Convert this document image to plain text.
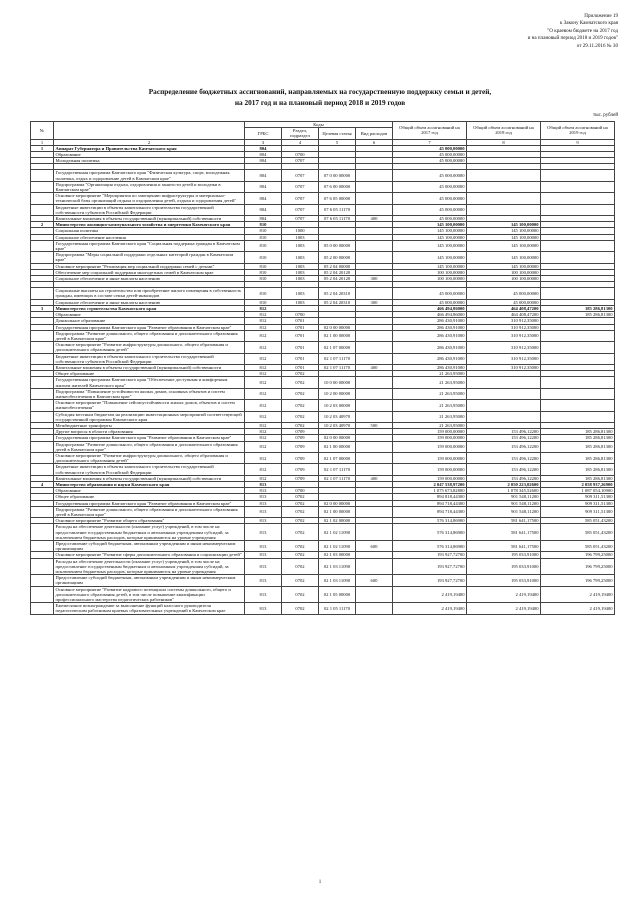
Приложение 19
к Закону Камчатского края
"О краевом бюджете на 2017 год
и на плановый период 2018 и 2019 годов"
от 29.11.2016 № 30
Распределение бюджетных ассигнований, направляемых на государственную поддержку семьи и детей,
на 2017 год и на плановый период 2018 и 2019 годов
тыс. рублей
№		Коды				Общий объем ассигнований на 2017 год	Общий объем ассигнований на 2018 год	Общий объем ассигнований на 2019 год
		ГРБС	Раздел, подраздел	Целевая статья	Вид расходов			
1	2	3	4	5	6	7	8	9
1	Аппарат Губернатора и Правительства Камчатского края	804				45 000,00000		
	Образование	804	0700			45 000,00000		
	Молодежная политика	804	0707			45 000,00000		

	Государственная программа Камчатского края "Физическая культура, спорт, молодежная политика, отдых и оздоровление детей в Камчатском крае"	804	0707	07 0 00 00000		45 000,00000		
	Подпрограмма "Организация отдыха, оздоровления и занятости детей и молодежи в Камчатском крае"	804	0707	07 6 00 00000		45 000,00000		
	Основное мероприятие "Мероприятия по замещению инфраструктуры и материально-технической базы организаций отдыха и оздоровления детей, отдыха и оздоровления детей"	804	0707	07 6 05 00000		45 000,00000		
	Бюджетные инвестиции в объекты капитального строительства государственной собственности субъектов Российской Федерации	804	0707	07 6 05 11170		45 000,00000		
	Капитальные вложения в объекты государственной (муниципальной) собственности	804	0707	07 6 05 11170	400	45 000,00000		
2	Министерство жилищно-коммунального хозяйства и энергетики Камчатского края	810				145 100,00000	145 100,00000	
	Социальная политика	810	1000			145 100,00000	145 100,00000	
	Социальное обеспечение населения	810	1003			145 100,00000	145 100,00000	
	Государственная программа Камчатского края "Социальная поддержка граждан в Камчатском крае"	810	1003	05 0 00 00000		145 100,00000	145 100,00000	
	Подпрограмма "Меры социальной поддержки отдельных категорий граждан в Камчатском крае"	810	1003	05 2 00 00000		145 100,00000	145 100,00000	
	Основное мероприятие "Реализация мер социальной поддержки семей с детьми"	810	1003	05 2 04 00000		145 100,00000	145 100,00000	
	Обеспечение мер социальной поддержки многодетных семей в Камчатском крае	810	1003	05 2 04 20120		100 100,00000	100 100,00000	
	Социальное обеспечение и иные выплаты населению	810	1003	05 2 04 20120	300	100 100,00000	100 100,00000	

	Социальные выплаты на строительство или приобретение жилого помещения в собственность граждан, имеющих в составе семьи детей-инвалидов	810	1003	05 2 04 20310		45 000,00000	45 000,00000	
	Социальное обеспечение и иные выплаты населению	810	1003	05 2 04 20310	300	45 000,00000	45 000,00000	
3	Министерство строительства Камчатского края	812				466 494,86000	464 408,47200	185 286,81300
	Образование	812	0700			466 494,86000	464 408,47200	185 286,81300
	Дошкольное образование	812	0701			286 430,91000	310 912,35000	
	Государственная программа Камчатского края "Развитие образования в Камчатском крае"	812	0701	02 0 00 00000		286 430,91000	310 912,35000	
	Подпрограмма "Развитие дошкольного, общего образования и дополнительного образования детей в Камчатском крае"	812	0701	02 1 00 00000		286 430,91000	310 912,35000	
	Основное мероприятие "Развитие инфраструктуры дошкольного, общего образования и дополнительного образования детей"	812	0701	02 1 07 00000		286 430,91000	310 912,35000	
	Бюджетные инвестиции в объекты капитального строительства государственной собственности субъектов Российской Федерации	812	0701	02 1 07 11170		286 430,91000	310 912,35000	
	Капитальные вложения в объекты государственной (муниципальной) собственности	812	0701	02 1 07 11170	400	286 430,91000	310 912,35000	
	Общее образование	812	0702			21 263,95000		
	Государственная программа Камчатского края "Обеспечение доступным и комфортным жильем жителей Камчатского края"	812	0702	10 0 00 00000		21 263,95000		
	Подпрограмма "Повышение устойчивости жилых домов, основных объектов и систем жизнеобеспечения в Камчатском крае"	812	0702	10 2 00 00000		21 263,95000		
	Основное мероприятие "Повышение сейсмоустойчивости жилых домов, объектов и систем жизнеобеспечения"	812	0702	10 2 03 00000		21 263,95000		
	Субсидия местным бюджетам на реализацию инвестиционных мероприятий соответствующей государственной программы Камчатского края	812	0702	10 2 03 40970		21 263,95000		
	Межбюджетные трансферты	812	0702	10 2 03 40970	500	21 263,95000		
	Другие вопросы в области образования	812	0709			159 000,00000	153 496,12200	185 286,81300
	Государственная программа Камчатского края "Развитие образования в Камчатском крае"	812	0709	02 0 00 00000		159 000,00000	153 496,12200	185 286,81300
	Подпрограмма "Развитие дошкольного, общего образования и дополнительного образования детей в Камчатском крае"	812	0709	02 1 00 00000		159 000,00000	153 496,12200	185 286,81300
	Основное мероприятие "Развитие инфраструктуры дошкольного, общего образования и дополнительного образования детей"	812	0709	02 1 07 00000		159 000,00000	153 496,12200	185 286,81300
	Бюджетные инвестиции в объекты капитального строительства государственной собственности субъектов Российской Федерации	812	0709	02 1 07 11170		159 000,00000	153 496,12200	185 286,81300
	Капитальные вложения в объекты государственной (муниципальной) собственности	812	0709	02 1 07 11170	400	159 000,00000	153 496,12200	185 286,81300
4	Министерство образования и науки Камчатского края	813				2 047 538,97200	2 050 223,02600	2 058 937,26900
	Образование	813	0700			1 075 673,82800	1 078 345,52600	1 087 054,10900
	Общее образование	813	0702			894 818,44300	901 548,11200	909 311,51300
	Государственная программа Камчатского края "Развитие образования в Камчатском крае"	813	0702	02 0 00 00000		894 718,44300	901 548,11200	909 311,51300
	Подпрограмма "Развитие дошкольного, общего образования и дополнительного образования детей в Камчатском крае"	813	0702	02 1 00 00000		894 718,44300	901 548,11200	909 311,51300
	Основное мероприятие "Развитие общего образования"	813	0702	02 1 02 00000		576 314,86900	581 641,17500	585 051,43200
	Расходы на обеспечение деятельности (оказание услуг) учреждений, в том числе на предоставление государственным бюджетным и автономным учреждениям субсидий, за исключением бюджетных расходов, которые принимаются на уровне учреждения	813	0702	02 1 02 11090		576 314,86900	581 641,17500	585 051,43200
	Предоставление субсидий бюджетным, автономным учреждениям и иным некоммерческим организациям	813	0702	02 1 02 11090	600	576 314,86900	581 641,17500	585 051,43200
	Основное мероприятие "Развитие сферы дополнительного образования и социализации детей"	813	0702	02 1 03 00000		193 927,72700	195 033,91000	196 799,25000
	Расходы на обеспечение деятельности (оказание услуг) учреждений, в том числе на предоставление государственным бюджетным и автономным учреждениям субсидий, за исключением бюджетных расходов, которые принимаются на уровне учреждения	813	0702	02 1 03 11090		193 927,72700	195 033,91000	196 799,25000
	Предоставление субсидий бюджетным, автономным учреждениям и иным некоммерческим организациям	813	0702	02 1 03 11090	600	193 927,72700	195 033,91000	196 799,25000
	Основное мероприятие "Развитие кадрового потенциала системы дошкольного, общего и дополнительного образования детей, в том числе повышение квалификации профессионального мастерства педагогических работников"	813	0702	02 1 05 00000		2 419,19400	2 419,19400	2 419,19400
	Ежемесячное вознаграждение за выполнение функций классного руководителя педагогическим работникам краевых образовательных учреждений в Камчатском крае	813	0702	02 1 05 11170		2 419,19400	2 419,19400	2 419,19400
1
